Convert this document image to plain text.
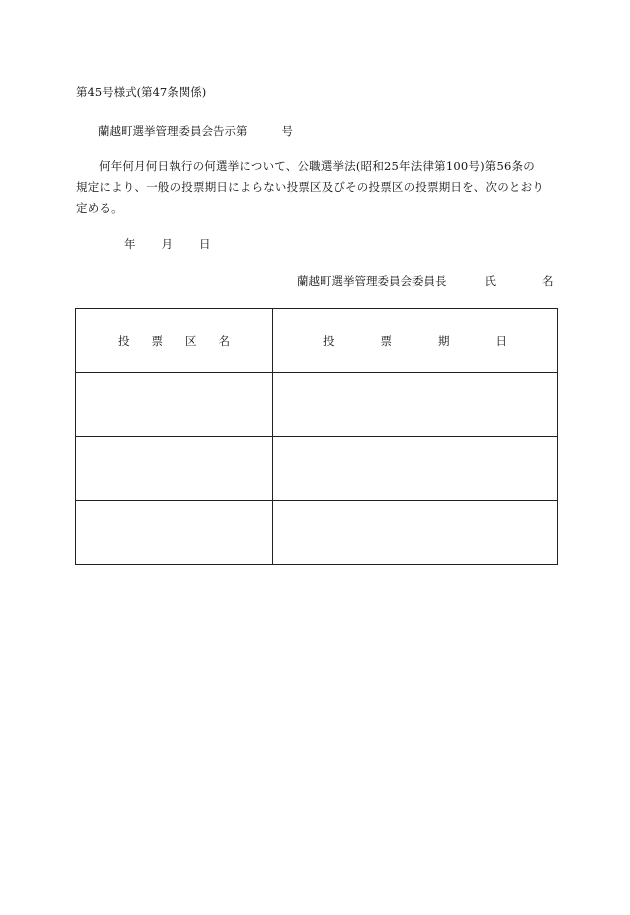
第45号様式(第47条関係)
蘭越町選挙管理委員会告示第	号
何年何月何日執行の何選挙について、公職選挙法(昭和25年法律第100号)第56条の規定により、一般の投票期日によらない投票区及びその投票区の投票期日を、次のとおり定める。
年 月 日
蘭越町選挙管理委員会委員長	氏	名
投票区名	投票期日
